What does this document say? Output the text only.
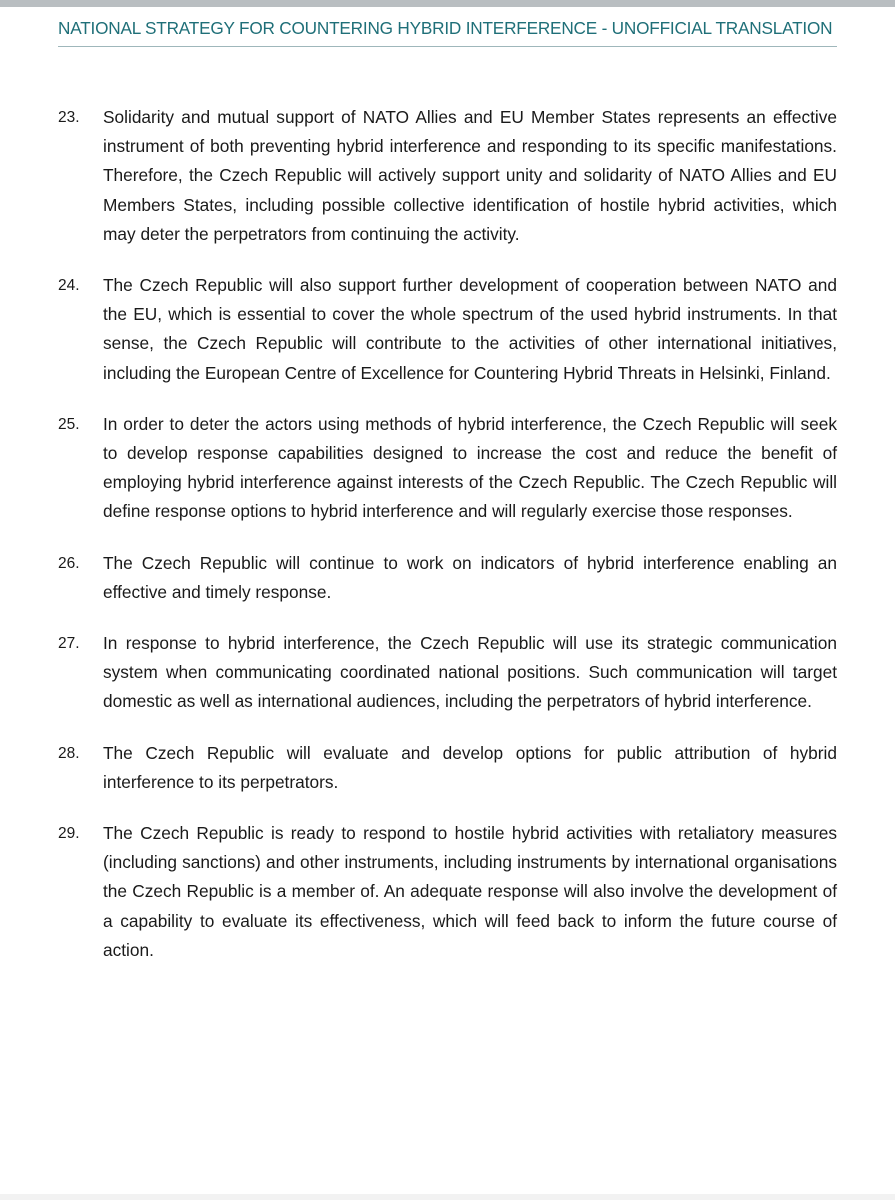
NATIONAL STRATEGY FOR COUNTERING HYBRID INTERFERENCE - UNOFFICIAL TRANSLATION
23. Solidarity and mutual support of NATO Allies and EU Member States represents an effective instrument of both preventing hybrid interference and responding to its specific manifestations. Therefore, the Czech Republic will actively support unity and solidarity of NATO Allies and EU Members States, including possible collective identification of hostile hybrid activities, which may deter the perpetrators from continuing the activity.
24. The Czech Republic will also support further development of cooperation between NATO and the EU, which is essential to cover the whole spectrum of the used hybrid instruments. In that sense, the Czech Republic will contribute to the activities of other international initiatives, including the European Centre of Excellence for Countering Hybrid Threats in Helsinki, Finland.
25. In order to deter the actors using methods of hybrid interference, the Czech Republic will seek to develop response capabilities designed to increase the cost and reduce the benefit of employing hybrid interference against interests of the Czech Republic. The Czech Republic will define response options to hybrid interference and will regularly exercise those responses.
26. The Czech Republic will continue to work on indicators of hybrid interference enabling an effective and timely response.
27. In response to hybrid interference, the Czech Republic will use its strategic communication system when communicating coordinated national positions. Such communication will target domestic as well as international audiences, including the perpetrators of hybrid interference.
28. The Czech Republic will evaluate and develop options for public attribution of hybrid interference to its perpetrators.
29. The Czech Republic is ready to respond to hostile hybrid activities with retaliatory measures (including sanctions) and other instruments, including instruments by international organisations the Czech Republic is a member of. An adequate response will also involve the development of a capability to evaluate its effectiveness, which will feed back to inform the future course of action.
